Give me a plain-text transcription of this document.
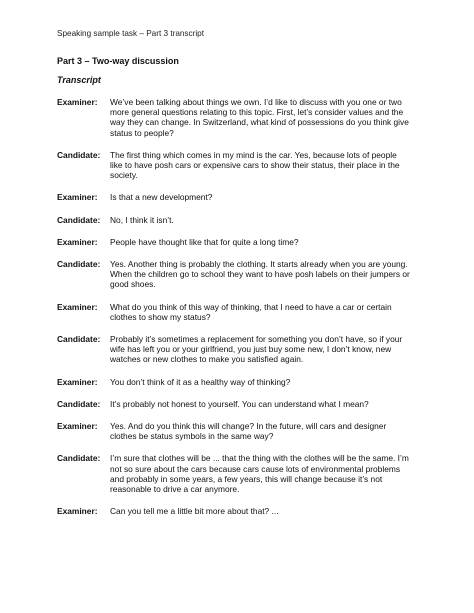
Speaking sample task – Part 3 transcript
Part 3 – Two-way discussion
Transcript
Examiner:	We’ve been talking about things we own. I’d like to discuss with you one or two
more general questions relating to this topic. First, let’s consider values and the
way they can change. In Switzerland, what kind of possessions do you think give
status to people?
Candidate:	The first thing which comes in my mind is the car. Yes, because lots of people
like to have posh cars or expensive cars to show their status, their place in the
society.
Examiner:	Is that a new development?
Candidate:	No, I think it isn’t.
Examiner:	People have thought like that for quite a long time?
Candidate:	Yes. Another thing is probably the clothing. It starts already when you are young.
When the children go to school they want to have posh labels on their jumpers or
good shoes.
Examiner:	What do you think of this way of thinking, that I need to have a car or certain
clothes to show my status?
Candidate:	Probably it’s sometimes a replacement for something you don’t have, so if your
wife has left you or your girlfriend, you just buy some new, I don’t know, new
watches or new clothes to make you satisfied again.
Examiner:	You don’t think of it as a healthy way of thinking?
Candidate:	It’s probably not honest to yourself. You can understand what I mean?
Examiner:	Yes. And do you think this will change? In the future, will cars and designer
clothes be status symbols in the same way?
Candidate:	I’m sure that clothes will be ... that the thing with the clothes will be the same. I’m
not so sure about the cars because cars cause lots of environmental problems
and probably in some years, a few years, this will change because it’s not
reasonable to drive a car anymore.
Examiner:	Can you tell me a little bit more about that? ...
